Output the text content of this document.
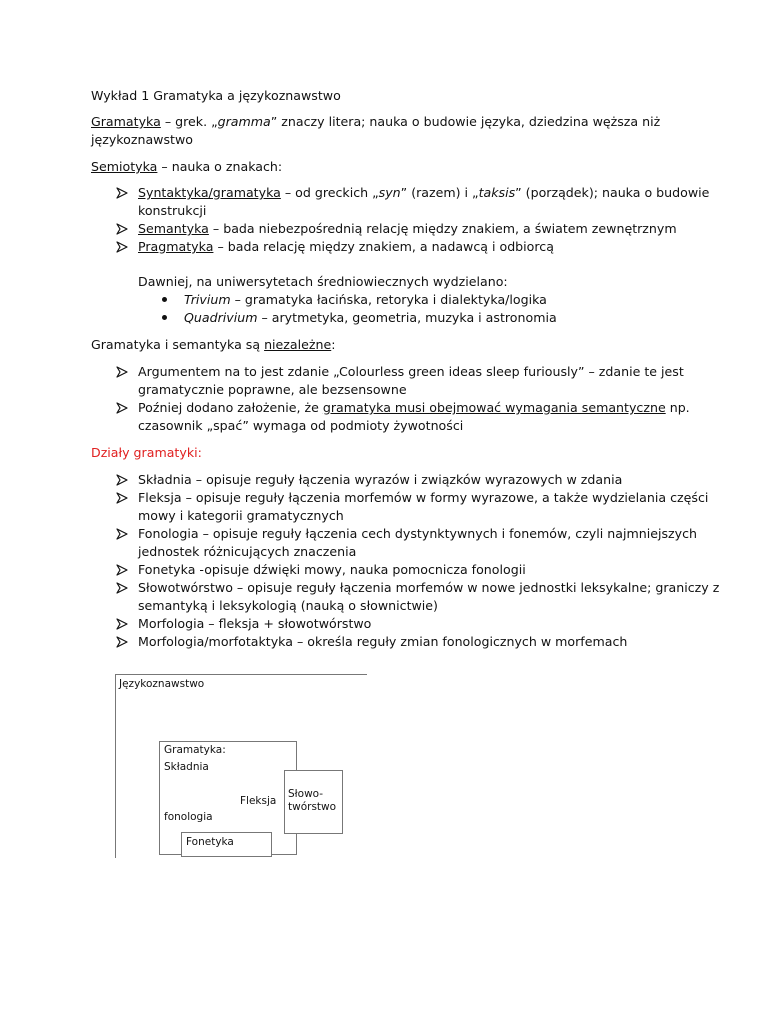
Wykład 1 Gramatyka a językoznawstwo
Gramatyka – grek. „gramma” znaczy litera; nauka o budowie języka, dziedzina węższa niż
językoznawstwo
Semiotyka – nauka o znakach:
Syntaktyka/gramatyka – od greckich „syn” (razem) i „taksis” (porządek); nauka o budowie
konstrukcji
Semantyka – bada niebezpośrednią relację między znakiem, a światem zewnętrznym
Pragmatyka – bada relację między znakiem, a nadawcą i odbiorcą
Dawniej, na uniwersytetach średniowiecznych wydzielano:
Trivium – gramatyka łacińska, retoryka i dialektyka/logika
Quadrivium – arytmetyka, geometria, muzyka i astronomia
Gramatyka i semantyka są niezależne:
Argumentem na to jest zdanie „Colourless green ideas sleep furiously” – zdanie te jest
gramatycznie poprawne, ale bezsensowne
Poźniej dodano założenie, że gramatyka musi obejmować wymagania semantyczne np.
czasownik „spać” wymaga od podmioty żywotności
Działy gramatyki:
Składnia – opisuje reguły łączenia wyrazów i związków wyrazowych w zdania
Fleksja – opisuje reguły łączenia morfemów w formy wyrazowe, a także wydzielania części
mowy i kategorii gramatycznych
Fonologia – opisuje reguły łączenia cech dystynktywnych i fonemów, czyli najmniejszych
jednostek różnicujących znaczenia
Fonetyka -opisuje dźwięki mowy, nauka pomocnicza fonologii
Słowotwórstwo – opisuje reguły łączenia morfemów w nowe jednostki leksykalne; graniczy z
semantyką i leksykologią (nauką o słownictwie)
Morfologia – fleksja + słowotwórstwo
Morfologia/morfotaktyka – określa reguły zmian fonologicznych w morfemach
Językoznawstwo
Gramatyka:
Składnia
Fleksja
fonologia
Słowo-
twórstwo
Fonetyka
